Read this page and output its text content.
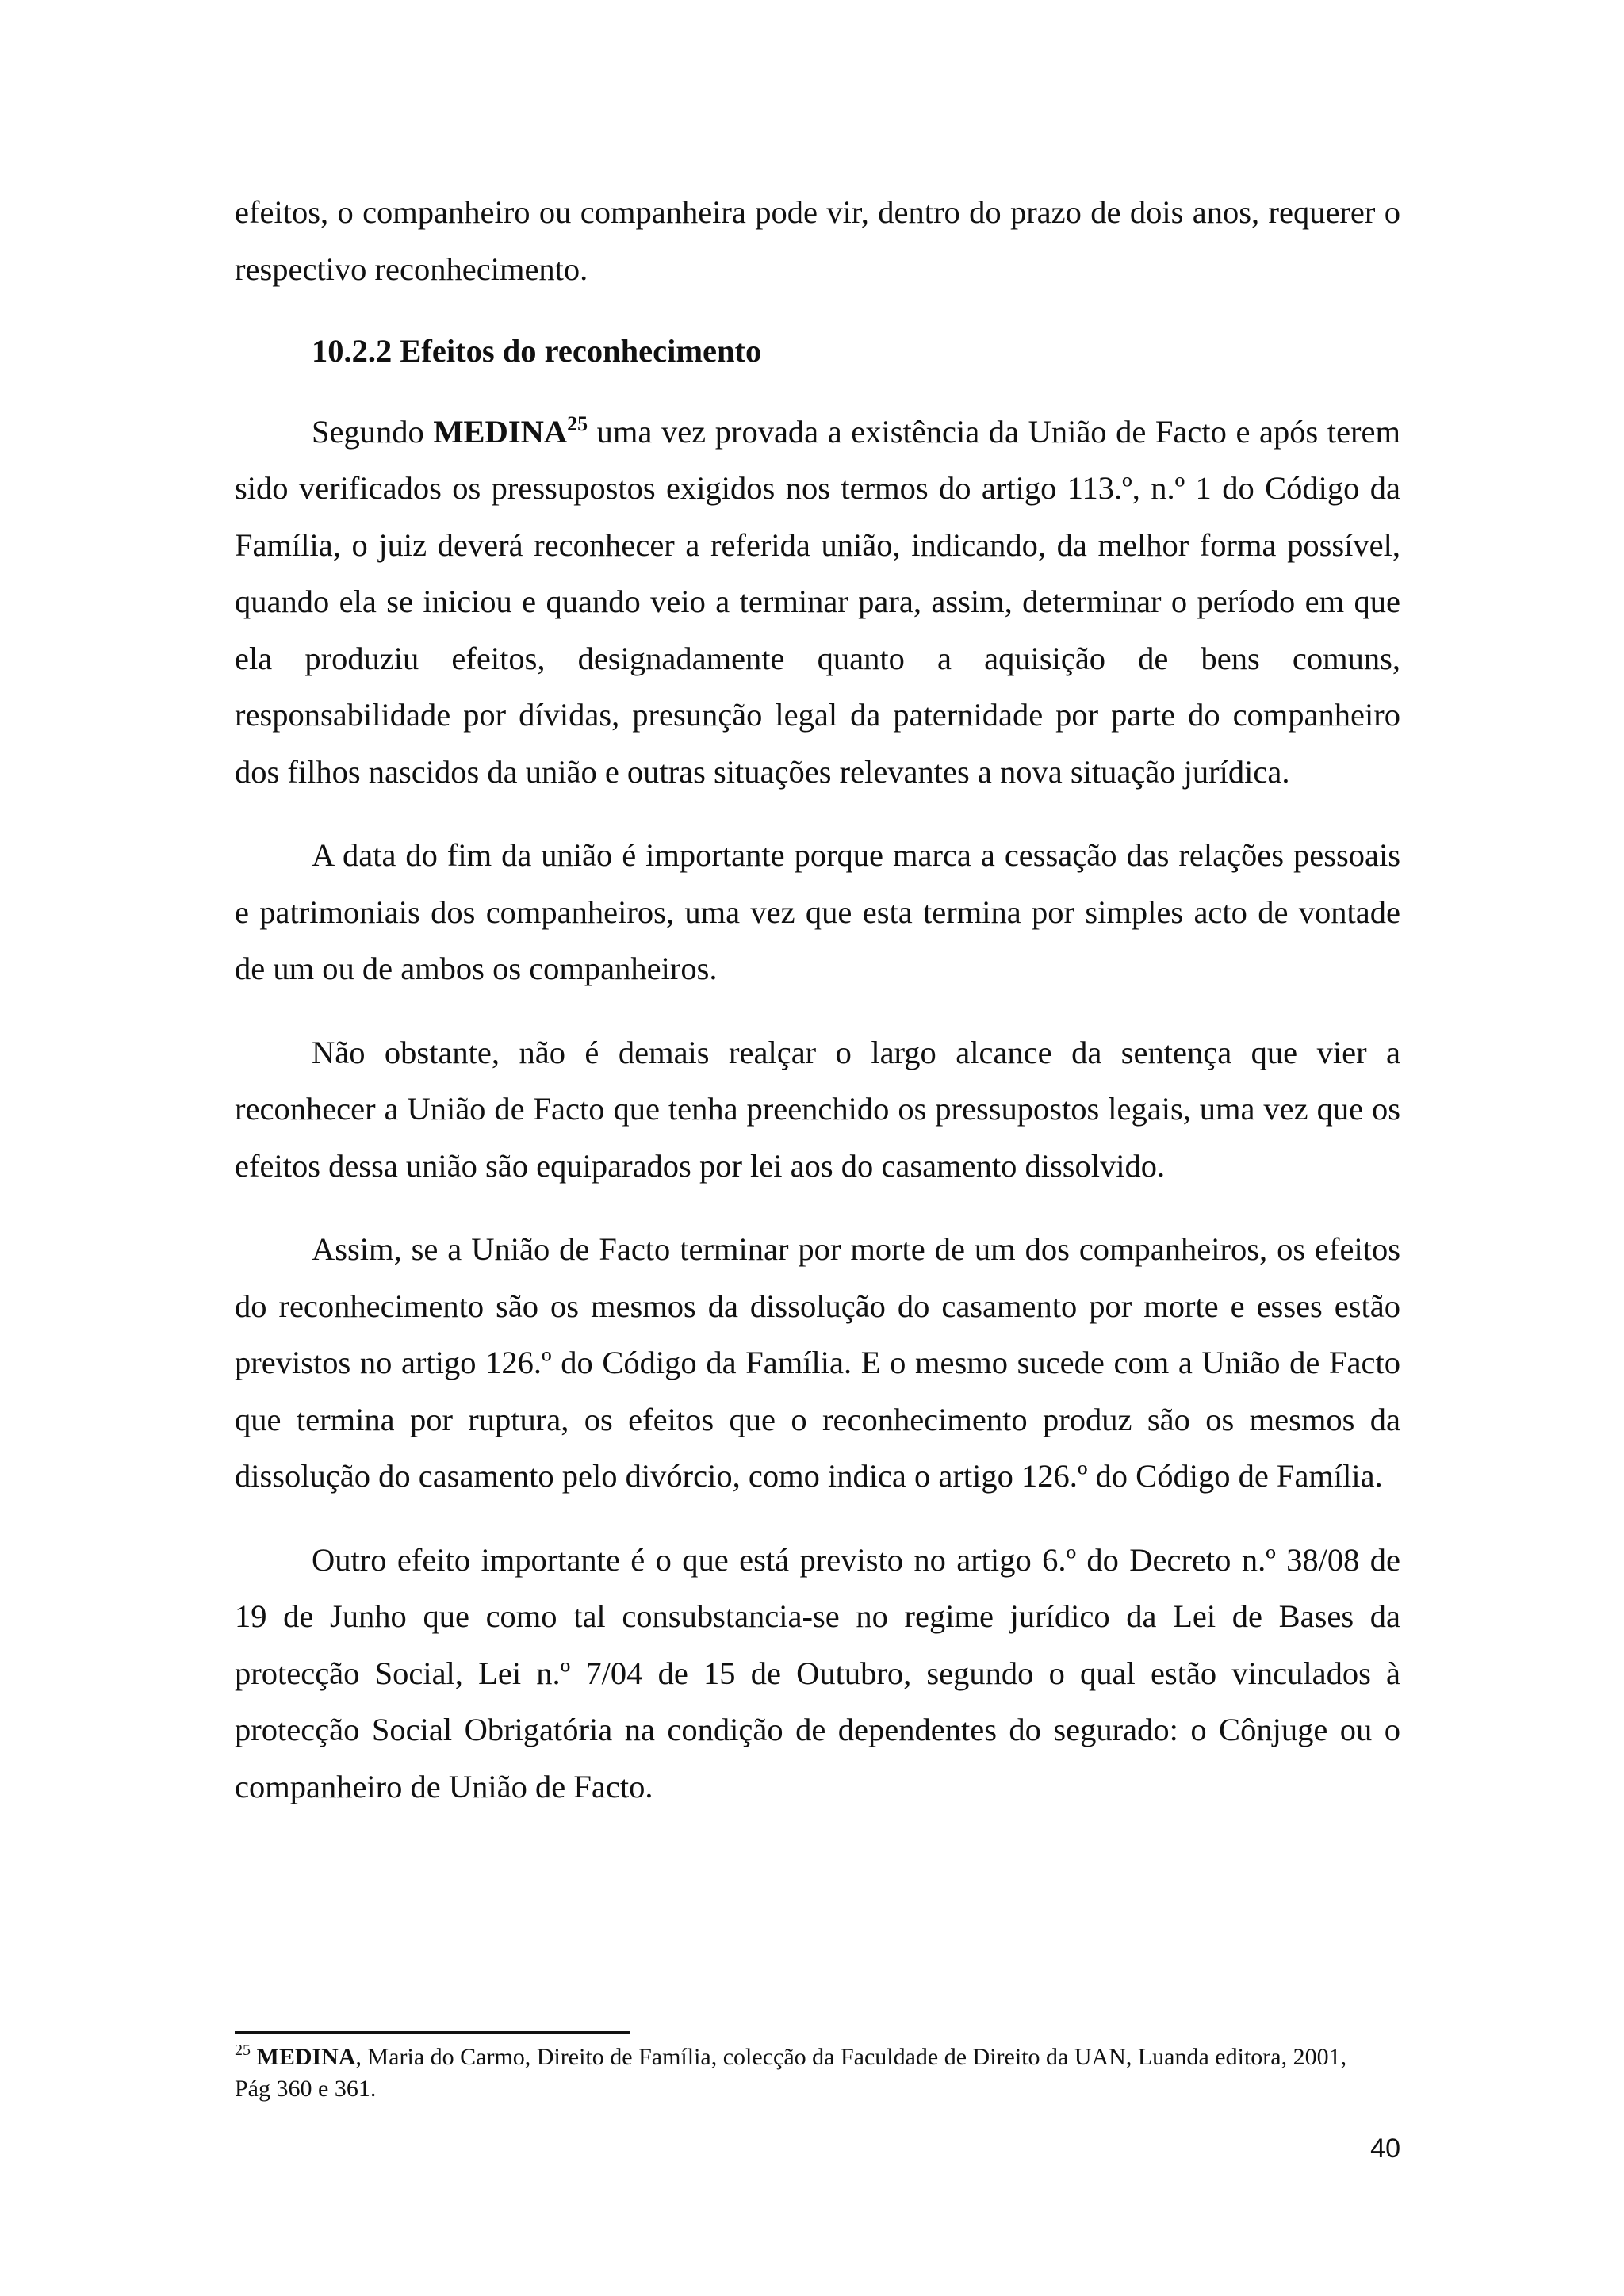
efeitos, o companheiro ou companheira pode vir, dentro do prazo de dois anos, requerer o respectivo reconhecimento.

10.2.2 Efeitos do reconhecimento

Segundo MEDINA$^{25}$ uma vez provada a existência da União de Facto e após terem sido verificados os pressupostos exigidos nos termos do artigo 113.º, n.º 1 do Código da Família, o juiz deverá reconhecer a referida união, indicando, da melhor forma possível, quando ela se iniciou e quando veio a terminar para, assim, determinar o período em que ela produziu efeitos, designadamente quanto a aquisição de bens comuns, responsabilidade por dívidas, presunção legal da paternidade por parte do companheiro dos filhos nascidos da união e outras situações relevantes a nova situação jurídica.

A data do fim da união é importante porque marca a cessação das relações pessoais e patrimoniais dos companheiros, uma vez que esta termina por simples acto de vontade de um ou de ambos os companheiros.

Não obstante, não é demais realçar o largo alcance da sentença que vier a reconhecer a União de Facto que tenha preenchido os pressupostos legais, uma vez que os efeitos dessa união são equiparados por lei aos do casamento dissolvido.

Assim, se a União de Facto terminar por morte de um dos companheiros, os efeitos do reconhecimento são os mesmos da dissolução do casamento por morte e esses estão previstos no artigo 126.º do Código da Família. E o mesmo sucede com a União de Facto que termina por ruptura, os efeitos que o reconhecimento produz são os mesmos da dissolução do casamento pelo divórcio, como indica o artigo 126.º do Código de Família.

Outro efeito importante é o que está previsto no artigo 6.º do Decreto n.º 38/08 de 19 de Junho que como tal consubstancia-se no regime jurídico da Lei de Bases da protecção Social, Lei n.º 7/04 de 15 de Outubro, segundo o qual estão vinculados à protecção Social Obrigatória na condição de dependentes do segurado: o Cônjuge ou o companheiro de União de Facto.

$^{25}$ MEDINA, Maria do Carmo, Direito de Família, colecção da Faculdade de Direito da UAN, Luanda editora, 2001, Pág 360 e 361.
40
